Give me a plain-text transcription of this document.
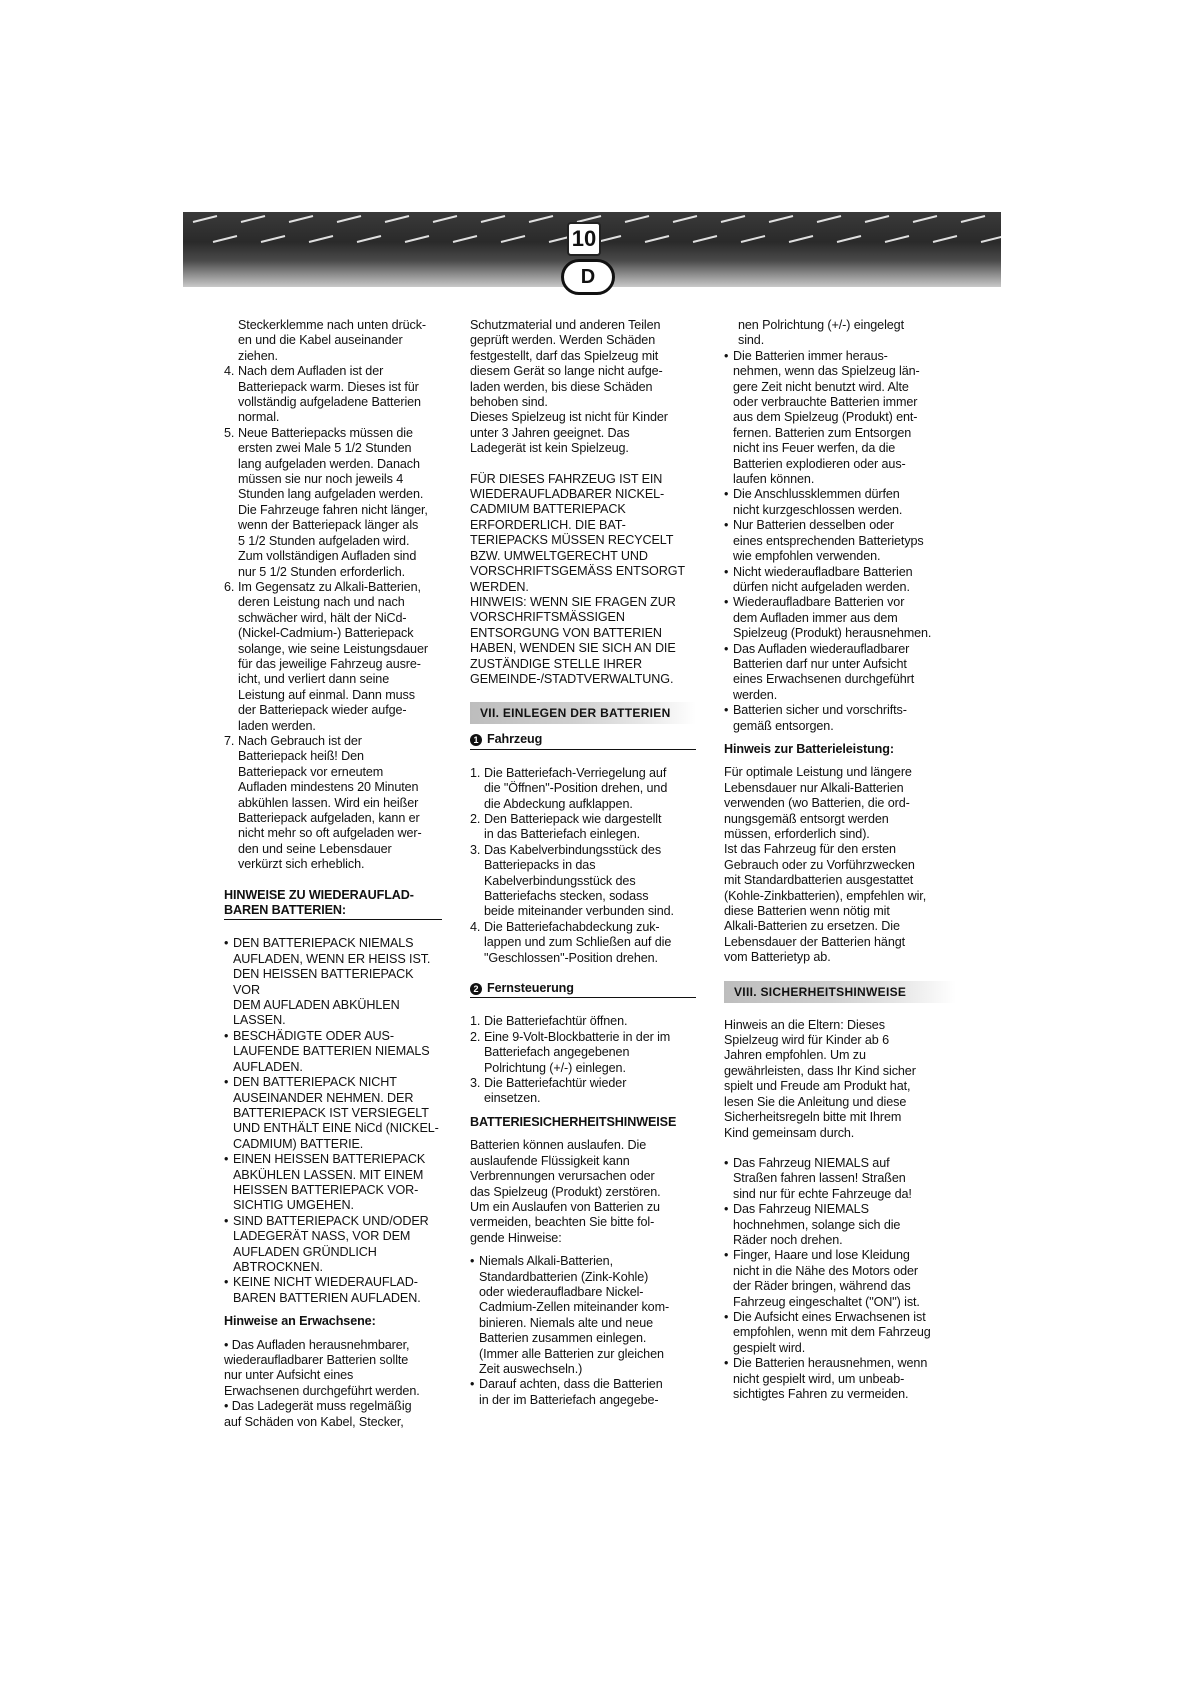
10
D

Steckerklemme nach unten drück-

en und die Kabel auseinander

ziehen.

4. Nach dem Aufladen ist der

Batteriepack warm. Dieses ist für

vollständig aufgeladene Batterien

normal.

5. Neue Batteriepacks müssen die

ersten zwei Male 5 1/2 Stunden

lang aufgeladen werden. Danach

müssen sie nur noch jeweils 4

Stunden lang aufgeladen werden.

Die Fahrzeuge fahren nicht länger,

wenn der Batteriepack länger als

5 1/2 Stunden aufgeladen wird.

Zum vollständigen Aufladen sind

nur 5 1/2 Stunden erforderlich.

6. Im Gegensatz zu Alkali-Batterien,

deren Leistung nach und nach

schwächer wird, hält der NiCd-

(Nickel-Cadmium-) Batteriepack

solange, wie seine Leistungsdauer

für das jeweilige Fahrzeug ausre-

icht, und verliert dann seine

Leistung auf einmal. Dann muss

der Batteriepack wieder aufge-

laden werden.

7. Nach Gebrauch ist der

Batteriepack heiß! Den

Batteriepack vor erneutem

Aufladen mindestens 20 Minuten

abkühlen lassen. Wird ein heißer

Batteriepack aufgeladen, kann er

nicht mehr so oft aufgeladen wer-

den und seine Lebensdauer

verkürzt sich erheblich.

HINWEISE ZU WIEDERAUFLAD-

BAREN BATTERIEN:

• DEN BATTERIEPACK NIEMALS

AUFLADEN, WENN ER HEISS IST.

DEN HEISSEN BATTERIEPACK VOR

DEM AUFLADEN ABKÜHLEN

LASSEN.

• BESCHÄDIGTE ODER AUS-

LAUFENDE BATTERIEN NIEMALS

AUFLADEN.

• DEN BATTERIEPACK NICHT

AUSEINANDER NEHMEN. DER

BATTERIEPACK IST VERSIEGELT

UND ENTHÄLT EINE NiCd (NICKEL-

CADMIUM) BATTERIE.

• EINEN HEISSEN BATTERIEPACK

ABKÜHLEN LASSEN. MIT EINEM

HEISSEN BATTERIEPACK VOR-

SICHTIG UMGEHEN.

• SIND BATTERIEPACK UND/ODER

LADEGERÄT NASS, VOR DEM

AUFLADEN GRÜNDLICH

ABTROCKNEN.

• KEINE NICHT WIEDERAUFLAD-

BAREN BATTERIEN AUFLADEN.

Hinweise an Erwachsene:

• Das Aufladen herausnehmbarer,

wiederaufladbarer Batterien sollte

nur unter Aufsicht eines

Erwachsenen durchgeführt werden.

• Das Ladegerät muss regelmäßig

auf Schäden von Kabel, Stecker,

Schutzmaterial und anderen Teilen

geprüft werden. Werden Schäden

festgestellt, darf das Spielzeug mit

diesem Gerät so lange nicht aufge-

laden werden, bis diese Schäden

behoben sind.

Dieses Spielzeug ist nicht für Kinder

unter 3 Jahren geeignet. Das

Ladegerät ist kein Spielzeug.

FÜR DIESES FAHRZEUG IST EIN

WIEDERAUFLADBARER NICKEL-

CADMIUM BATTERIEPACK

ERFORDERLICH. DIE BAT-

TERIEPACKS MÜSSEN RECYCELT

BZW. UMWELTGERECHT UND

VORSCHRIFTSGEMÄSS ENTSORGT

WERDEN.

HINWEIS: WENN SIE FRAGEN ZUR

VORSCHRIFTSMÄSSIGEN

ENTSORGUNG VON BATTERIEN

HABEN, WENDEN SIE SICH AN DIE

ZUSTÄNDIGE STELLE IHRER

GEMEINDE-/STADTVERWALTUNG.

VII. EINLEGEN DER BATTERIEN
1 Fahrzeug
1. Die Batteriefach-Verriegelung auf

die "Öffnen"-Position drehen, und

die Abdeckung aufklappen.

2. Den Batteriepack wie dargestellt

in das Batteriefach einlegen.

3. Das Kabelverbindungsstück des

Batteriepacks in das

Kabelverbindungsstück des

Batteriefachs stecken, sodass

beide miteinander verbunden sind.

4. Die Batteriefachabdeckung zuk-

lappen und zum Schließen auf die

"Geschlossen"-Position drehen.

2 Fernsteuerung
1. Die Batteriefachtür öffnen.

2. Eine 9-Volt-Blockbatterie in der im

Batteriefach angegebenen

Polrichtung (+/-) einlegen.

3. Die Batteriefachtür wieder

einsetzen.

BATTERIESICHERHEITSHINWEISE

Batterien können auslaufen. Die

auslaufende Flüssigkeit kann

Verbrennungen verursachen oder

das Spielzeug (Produkt) zerstören.

Um ein Auslaufen von Batterien zu

vermeiden, beachten Sie bitte fol-

gende Hinweise:

• Niemals Alkali-Batterien,

Standardbatterien (Zink-Kohle)

oder wiederaufladbare Nickel-

Cadmium-Zellen miteinander kom-

binieren. Niemals alte und neue

Batterien zusammen einlegen.

(Immer alle Batterien zur gleichen

Zeit auswechseln.)

• Darauf achten, dass die Batterien

in der im Batteriefach angegebe-

nen Polrichtung (+/-) eingelegt

sind.

• Die Batterien immer heraus-

nehmen, wenn das Spielzeug län-

gere Zeit nicht benutzt wird. Alte

oder verbrauchte Batterien immer

aus dem Spielzeug (Produkt) ent-

fernen. Batterien zum Entsorgen

nicht ins Feuer werfen, da die

Batterien explodieren oder aus-

laufen können.

• Die Anschlussklemmen dürfen

nicht kurzgeschlossen werden.

• Nur Batterien desselben oder

eines entsprechenden Batterietyps

wie empfohlen verwenden.

• Nicht wiederaufladbare Batterien

dürfen nicht aufgeladen werden.

• Wiederaufladbare Batterien vor

dem Aufladen immer aus dem

Spielzeug (Produkt) herausnehmen.

• Das Aufladen wiederaufladbarer

Batterien darf nur unter Aufsicht

eines Erwachsenen durchgeführt

werden.

• Batterien sicher und vorschrifts-

gemäß entsorgen.

Hinweis zur Batterieleistung:

Für optimale Leistung und längere

Lebensdauer nur Alkali-Batterien

verwenden (wo Batterien, die ord-

nungsgemäß entsorgt werden

müssen, erforderlich sind).

Ist das Fahrzeug für den ersten

Gebrauch oder zu Vorführzwecken

mit Standardbatterien ausgestattet

(Kohle-Zinkbatterien), empfehlen wir,

diese Batterien wenn nötig mit

Alkali-Batterien zu ersetzen. Die

Lebensdauer der Batterien hängt

vom Batterietyp ab.

VIII. SICHERHEITSHINWEISE

Hinweis an die Eltern: Dieses

Spielzeug wird für Kinder ab 6

Jahren empfohlen. Um zu

gewährleisten, dass Ihr Kind sicher

spielt und Freude am Produkt hat,

lesen Sie die Anleitung und diese

Sicherheitsregeln bitte mit Ihrem

Kind gemeinsam durch.

• Das Fahrzeug NIEMALS auf

Straßen fahren lassen! Straßen

sind nur für echte Fahrzeuge da!

• Das Fahrzeug NIEMALS

hochnehmen, solange sich die

Räder noch drehen.

• Finger, Haare und lose Kleidung

nicht in die Nähe des Motors oder

der Räder bringen, während das

Fahrzeug eingeschaltet ("ON") ist.

• Die Aufsicht eines Erwachsenen ist

empfohlen, wenn mit dem Fahrzeug

gespielt wird.

• Die Batterien herausnehmen, wenn

nicht gespielt wird, um unbeab-

sichtigtes Fahren zu vermeiden.
